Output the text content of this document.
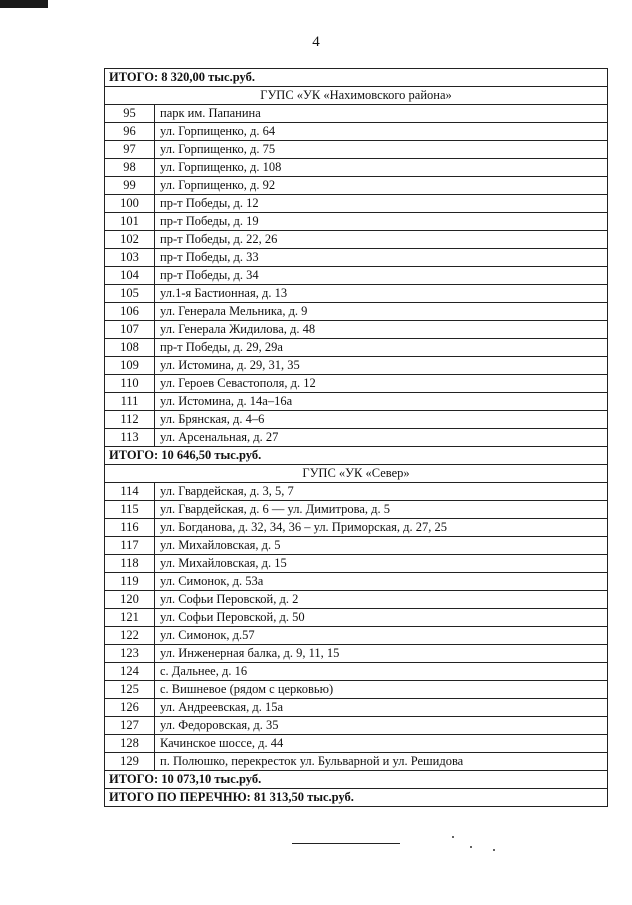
4
ИТОГО: 8 320,00 тыс.руб.	
ГУПС «УК «Нахимовского района»	
95	парк им. Папанина
96	ул. Горпищенко, д. 64
97	ул. Горпищенко, д. 75
98	ул. Горпищенко, д. 108
99	ул. Горпищенко, д. 92
100	пр-т Победы, д. 12
101	пр-т Победы, д. 19
102	пр-т Победы, д. 22, 26
103	пр-т Победы, д. 33
104	пр-т Победы, д. 34
105	ул.1-я Бастионная, д. 13
106	ул. Генерала Мельника, д. 9
107	ул. Генерала Жидилова, д. 48
108	пр-т Победы, д. 29, 29а
109	ул. Истомина, д. 29, 31, 35
110	ул. Героев Севастополя, д. 12
111	ул. Истомина, д. 14а–16а
112	ул. Брянская, д. 4–6
113	ул. Арсенальная, д. 27
ИТОГО: 10 646,50 тыс.руб.	
ГУПС «УК «Север»	
114	ул. Гвардейская, д. 3, 5, 7
115	ул. Гвардейская, д. 6 — ул. Димитрова, д. 5
116	ул. Богданова, д. 32, 34, 36 – ул. Приморская, д. 27, 25
117	ул. Михайловская, д. 5
118	ул. Михайловская, д. 15
119	ул. Симонок, д. 53а
120	ул. Софьи Перовской, д. 2
121	ул. Софьи Перовской, д. 50
122	ул. Симонок, д.57
123	ул. Инженерная балка, д. 9, 11, 15
124	с. Дальнее, д. 16
125	с. Вишневое (рядом с церковью)
126	ул. Андреевская, д. 15а
127	ул. Федоровская, д. 35
128	Качинское шоссе, д. 44
129	п. Полюшко, перекресток ул. Бульварной и ул. Решидова
ИТОГО: 10 073,10 тыс.руб.	
ИТОГО ПО ПЕРЕЧНЮ: 81 313,50 тыс.руб.	
